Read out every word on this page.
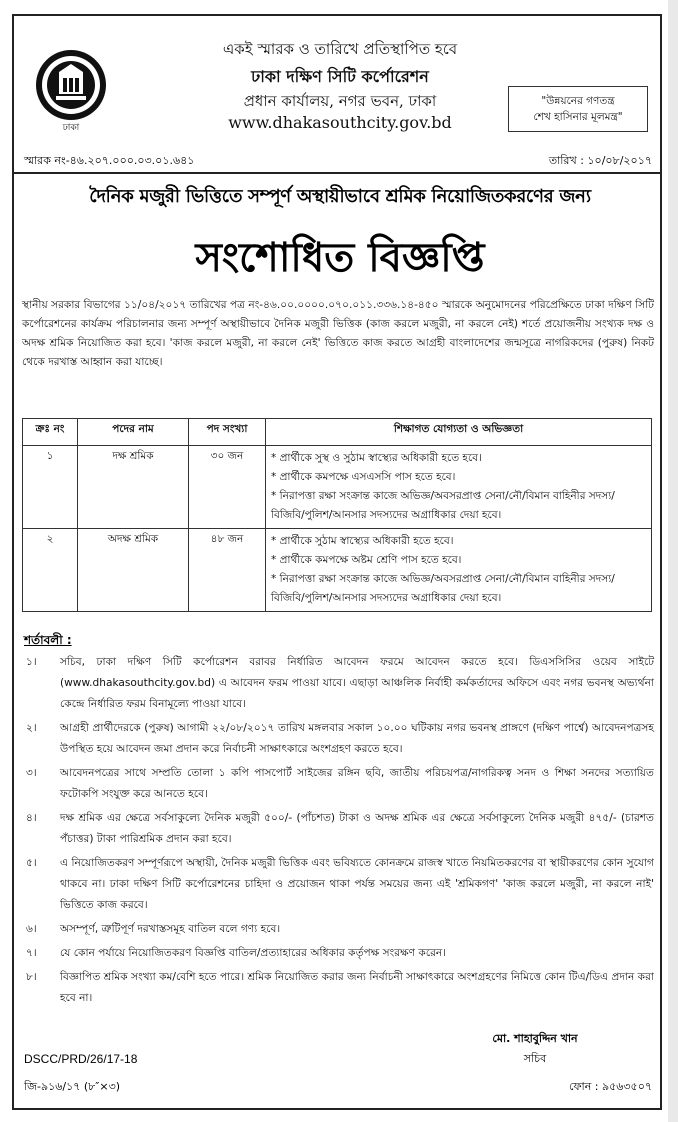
ঢাকা
একই স্মারক ও তারিখে প্রতিস্থাপিত হবে
ঢাকা দক্ষিণ সিটি কর্পোরেশন
প্রধান কার্যালয়, নগর ভবন, ঢাকা
www.dhakasouthcity.gov.bd
"উন্নয়নের গণতন্ত্র
শেখ হাসিনার মূলমন্ত্র"
স্মারক নং-৪৬.২০৭.০০০.০৩.০১.৬৪১	তারিখ : ১০/০৮/২০১৭
দৈনিক মজুরী ভিত্তিতে সম্পূর্ণ অস্থায়ীভাবে শ্রমিক নিয়োজিতকরণের জন্য
সংশোধিত বিজ্ঞপ্তি
স্থানীয় সরকার বিভাগের ১১/০৪/২০১৭ তারিখের পত্র নং-৪৬.০০.০০০০.০৭০.০১১.৩৩৬.১৪-৪৫০ স্মারকে অনুমোদনের পরিপ্রেক্ষিতে ঢাকা দক্ষিণ সিটি কর্পোরেশনের কার্যক্রম পরিচালনার জন্য সম্পূর্ণ অস্থায়ীভাবে দৈনিক মজুরী ভিত্তিক (কাজ করলে মজুরী, না করলে নেই) শর্তে প্রয়োজনীয় সংখ্যক দক্ষ ও অদক্ষ শ্রমিক নিয়োজিত করা হবে। 'কাজ করলে মজুরী, না করলে নেই' ভিত্তিতে কাজ করতে আগ্রহী বাংলাদেশের জন্মসূত্রে নাগরিকদের (পুরুষ) নিকট থেকে দরখাস্ত আহ্বান করা যাচ্ছে।
ক্রঃ নং	পদের নাম	পদ সংখ্যা	শিক্ষাগত যোগ্যতা ও অভিজ্ঞতা
১	দক্ষ শ্রমিক	৩০ জন	* প্রার্থীকে সুস্থ ও সুঠাম স্বাস্থ্যের অধিকারী হতে হবে।
* প্রার্থীকে কমপক্ষে এসএসসি পাস হতে হবে।
* নিরাপত্তা রক্ষা সংক্রান্ত কাজে অভিজ্ঞ/অবসরপ্রাপ্ত সেনা/নৌ/বিমান বাহিনীর সদস্য/বিজিবি/পুলিশ/আনসার সদস্যদের অগ্রাধিকার দেয়া হবে।

২	অদক্ষ শ্রমিক	৪৮ জন	* প্রার্থীকে সুঠাম স্বাস্থ্যের অধিকারী হতে হবে।
* প্রার্থীকে কমপক্ষে অষ্টম শ্রেণি পাস হতে হবে।
* নিরাপত্তা রক্ষা সংক্রান্ত কাজে অভিজ্ঞ/অবসরপ্রাপ্ত সেনা/নৌ/বিমান বাহিনীর সদস্য/বিজিবি/পুলিশ/আনসার সদস্যদের অগ্রাধিকার দেয়া হবে।
শর্তাবলী :
১।	সচিব, ঢাকা দক্ষিণ সিটি কর্পোরেশন বরাবর নির্ধারিত আবেদন ফরমে আবেদন করতে হবে। ডিএসসিসির ওয়েব সাইটে (www.dhakasouthcity.gov.bd) এ আবেদন ফরম পাওয়া যাবে। এছাড়া আঞ্চলিক নির্বাহী কর্মকর্তাদের অফিসে এবং নগর ভবনস্থ অভ্যর্থনা কেন্দ্রে নির্ধারিত ফরম বিনামূল্যে পাওয়া যাবে।
২।	আগ্রহী প্রার্থীদেরকে (পুরুষ) আগামী ২২/০৮/২০১৭ তারিখ মঙ্গলবার সকাল ১০.০০ ঘটিকায় নগর ভবনস্থ প্রাঙ্গণে (দক্ষিণ পার্শ্বে) আবেদনপত্রসহ উপস্থিত হয়ে আবেদন জমা প্রদান করে নির্বাচনী সাক্ষাৎকারে অংশগ্রহণ করতে হবে।
৩।	আবেদনপত্রের সাথে সম্প্রতি তোলা ১ কপি পাসপোর্ট সাইজের রঙ্গিন ছবি, জাতীয় পরিচয়পত্র/নাগরিকত্ব সনদ ও শিক্ষা সনদের সত্যায়িত ফটোকপি সংযুক্ত করে আনতে হবে।
৪।	দক্ষ শ্রমিক এর ক্ষেত্রে সর্বসাকুল্যে দৈনিক মজুরী ৫০০/- (পাঁচশত) টাকা ও অদক্ষ শ্রমিক এর ক্ষেত্রে সর্বসাকুল্যে দৈনিক মজুরী ৪৭৫/- (চারশত পঁচাত্তর) টাকা পারিশ্রমিক প্রদান করা হবে।
৫।	এ নিয়োজিতকরণ সম্পূর্ণরূপে অস্থায়ী, দৈনিক মজুরী ভিত্তিক এবং ভবিষ্যতে কোনক্রমে রাজস্ব খাতে নিয়মিতকরণের বা স্থায়ীকরণের কোন সুযোগ থাকবে না। ঢাকা দক্ষিণ সিটি কর্পোরেশনের চাহিদা ও প্রয়োজন থাকা পর্যন্ত সময়ের জন্য এই 'শ্রমিকগণ' 'কাজ করলে মজুরী, না করলে নাই' ভিত্তিতে কাজ করবে।
৬।	অসম্পূর্ণ, ত্রুটিপূর্ণ দরখাস্তসমূহ বাতিল বলে গণ্য হবে।
৭।	যে কোন পর্যায়ে নিয়োজিতকরণ বিজ্ঞপ্তি বাতিল/প্রত্যাহারের অধিকার কর্তৃপক্ষ সংরক্ষণ করেন।
৮।	বিজ্ঞাপিত শ্রমিক সংখ্যা কম/বেশি হতে পারে। শ্রমিক নিয়োজিত করার জন্য নির্বাচনী সাক্ষাৎকারে অংশগ্রহণের নিমিত্তে কোন টিএ/ডিএ প্রদান করা হবে না।
মো. শাহাবুদ্দিন খান
সচিব
DSCC/PRD/26/17-18
জি-৯১৬/১৭ (৮″×৩)	ফোন : ৯৫৬৩৫০৭
